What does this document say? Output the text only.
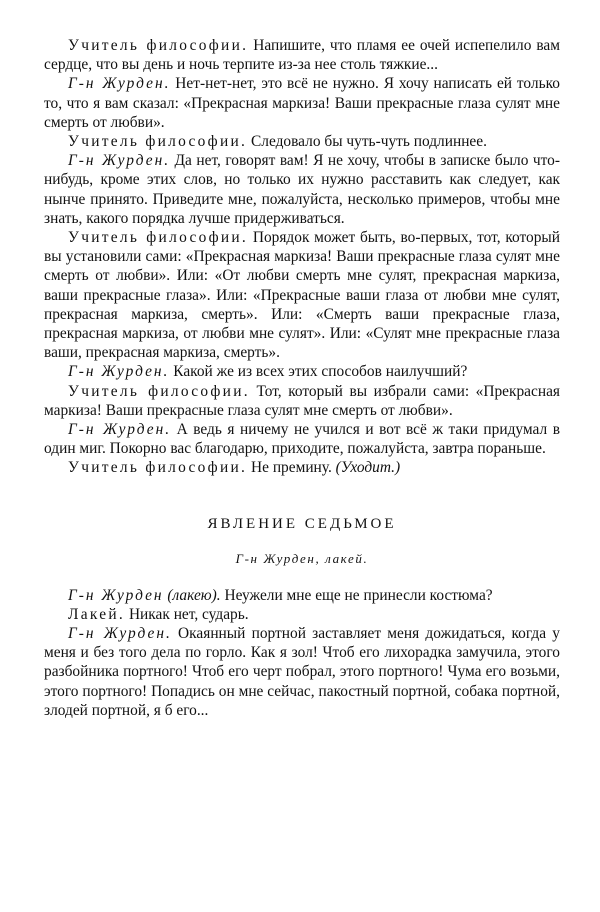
Учитель философии. Напишите, что пламя ее очей испепелило вам сердце, что вы день и ночь терпите из-за нее столь тяжкие...

Г-н Журден. Нет-нет-нет, это всё не нужно. Я хочу написать ей только то, что я вам сказал: «Прекрасная маркиза! Ваши прекрасные глаза сулят мне смерть от любви».

Учитель философии. Следовало бы чуть-чуть подлиннее.

Г-н Журден. Да нет, говорят вам! Я не хочу, чтобы в записке было что-нибудь, кроме этих слов, но только их нужно расставить как следует, как нынче принято. Приведите мне, пожалуйста, несколько примеров, чтобы мне знать, какого порядка лучше придерживаться.

Учитель философии. Порядок может быть, во-первых, тот, который вы установили сами: «Прекрасная маркиза! Ваши прекрасные глаза сулят мне смерть от любви». Или: «От любви смерть мне сулят, прекрасная маркиза, ваши прекрасные глаза». Или: «Прекрасные ваши глаза от любви мне сулят, прекрасная маркиза, смерть». Или: «Смерть ваши прекрасные глаза, прекрасная маркиза, от любви мне сулят». Или: «Сулят мне прекрасные глаза ваши, прекрасная маркиза, смерть».

Г-н Журден. Какой же из всех этих способов наилучший?

Учитель философии. Тот, который вы избрали сами: «Прекрасная маркиза! Ваши прекрасные глаза сулят мне смерть от любви».

Г-н Журден. А ведь я ничему не учился и вот всё ж таки придумал в один миг. Покорно вас благодарю, приходите, пожалуйста, завтра пораньше.

Учитель философии. Не премину. (Уходит.)

ЯВЛЕНИЕ СЕДЬМОЕ
Г-н Журден, лакей.

Г-н Журден (лакею). Неужели мне еще не принесли костюма?

Лакей. Никак нет, сударь.

Г-н Журден. Окаянный портной заставляет меня дожидаться, когда у меня и без того дела по горло. Как я зол! Чтоб его лихорадка замучила, этого разбойника портного! Чтоб его черт побрал, этого портного! Чума его возьми, этого портного! Попадись он мне сейчас, пакостный портной, собака портной, злодей портной, я б его...
